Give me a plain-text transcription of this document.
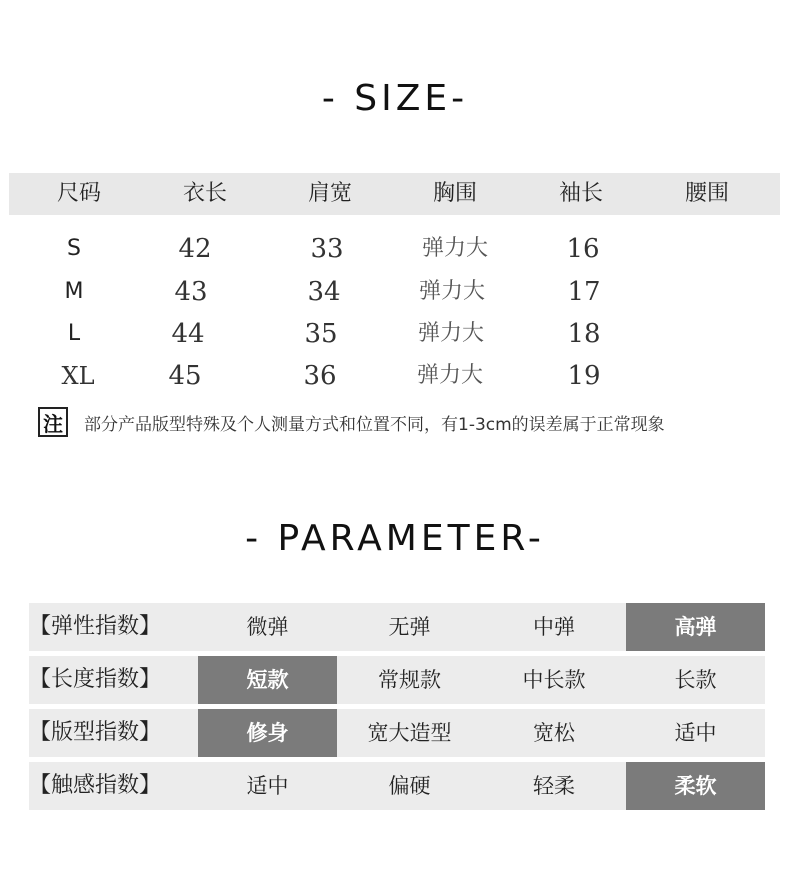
- SIZE-
尺码	衣长	肩宽	胸围	袖长	腰围
S	42	33	弹力大	16
M	43	34	弹力大	17
L	44	35	弹力大	18
XL	45	36	弹力大	19
注 部分产品版型特殊及个人测量方式和位置不同，有1-3cm的误差属于正常现象
- PARAMETER-
【弹性指数】	微弹	无弹	中弹	高弹
【长度指数】	短款	常规款	中长款	长款
【版型指数】	修身	宽大造型	宽松	适中
【触感指数】	适中	偏硬	轻柔	柔软
